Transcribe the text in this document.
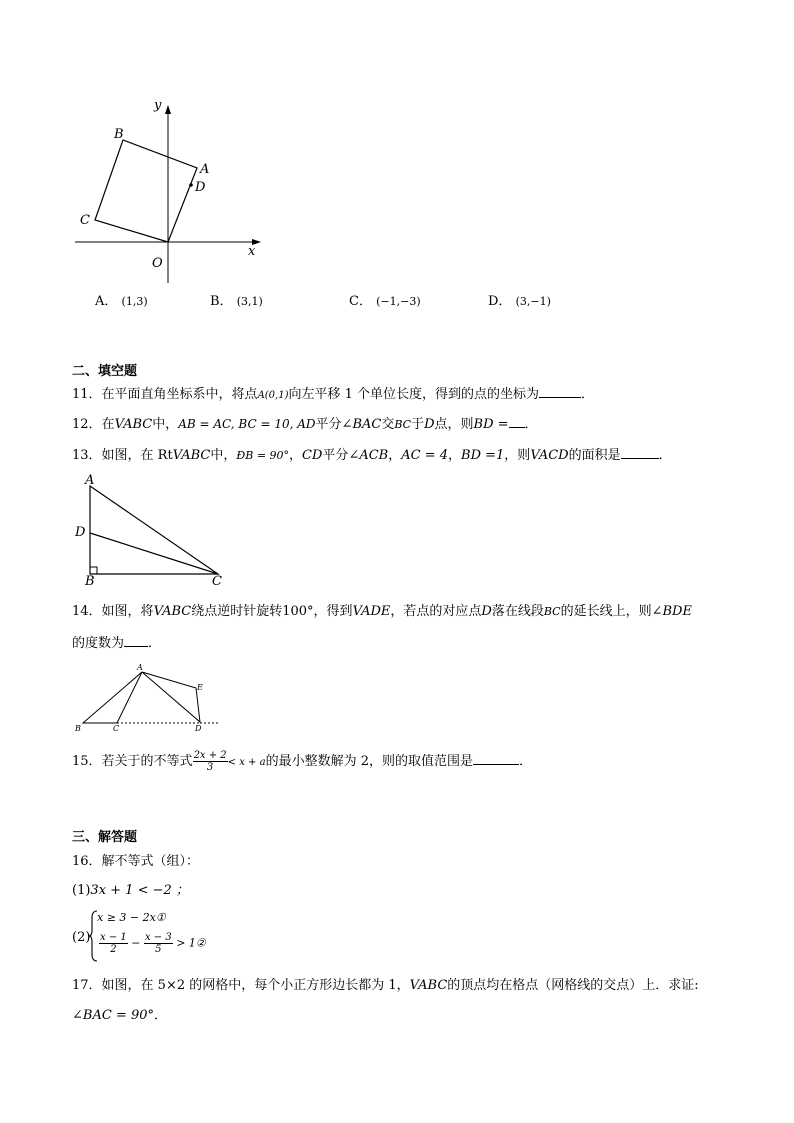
y
x
O
B
A
D
C
A． (1,3)	B． (3,1)	C． (−1,−3)	D． (3,−1)
二、填空题
11．在平面直角坐标系中，将点A(0,1)向左平移 1 个单位长度，得到的点的坐标为	．
12．在VABC中，AB = AC, BC = 10, AD平分∠BAC交BC于D点，则BD = ．
13．如图，在 RtVABC中，ÐB = 90°，CD平分∠ACB，AC = 4，BD =1，则VACD的面积是	．
A
D
B	C
14．如图，将VABC绕点逆时针旋转100°，得到VADE，若点的对应点D落在线段BC的延长线上，则∠BDE
的度数为 ．
A
E
B	C	D
15．若关于的不等式 $\frac{2x + 2}{3} < x + a$的最小整数解为 2，则的取值范围是	．
三、解答题
16．解不等式（组）：
(1)3x + 1 < −2 ；
(2)
x ≥ 3 − 2x①
$\frac{x - 1}{2} - \frac{x - 3}{5}$ > 1②
17．如图，在 5×2 的网格中，每个小正方形边长都为 1，VABC的顶点均在格点（网格线的交点）上．求证:
∠BAC = 90°．
